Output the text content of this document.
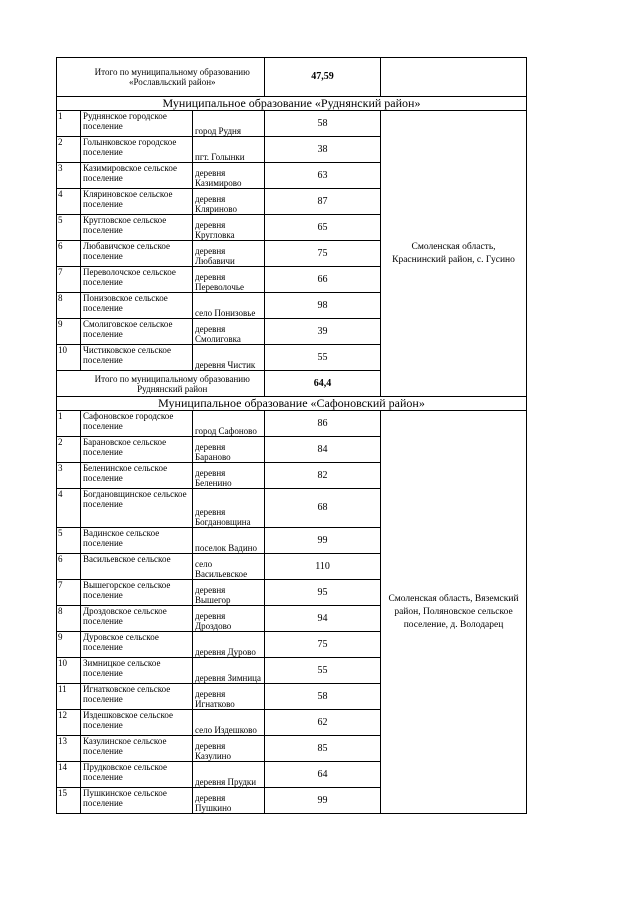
	Итого по муниципальному образованию «Рославльский район»		47,59	
Муниципальное образование «Руднянский район»				
1	Руднянское городское поселение	город Рудня	58	Смоленская область, Краснинский район, с. Гусино
2	Голынковское городское поселение	пгт. Голынки	38	
3	Казимировское сельское поселение	деревня Казимирово	63	
4	Кляриновское сельское поселение	деревня Кляриново	87	
5	Кругловское сельское поселение	деревня Кругловка	65	
6	Любавичское сельское поселение	деревня Любавичи	75	
7	Переволочское сельское поселение	деревня Переволочье	66	
8	Понизовское сельское поселение	село Понизовье	98	
9	Смолиговское сельское поселение	деревня Смолиговка	39	
10	Чистиковское сельское поселение	деревня Чистик	55	
	Итого по муниципальному образованию Руднянский район		64,4	
Муниципальное образование «Сафоновский район»				
1	Сафоновское городское поселение	город Сафоново	86	Смоленская область, Вяземский район, Поляновское сельское поселение, д. Володарец
2	Барановское сельское поселение	деревня Бараново	84	
3	Беленинское сельское поселение	деревня Беленино	82	
4	Богдановщинское сельское поселение	деревня Богдановщина	68	
5	Вадинское сельское поселение	поселок Вадино	99	
6	Васильевское сельское	село Васильевское	110	
7	Вышегорское сельское поселение	деревня Вышегор	95	
8	Дроздовское сельское поселение	деревня Дроздово	94	
9	Дуровское сельское поселение	деревня Дурово	75	
10	Зимницкое сельское поселение	деревня Зимница	55	
11	Игнатковское сельское поселение	деревня Игнатково	58	
12	Издешковское сельское поселение	село Издешково	62	
13	Казулинское сельское поселение	деревня Казулино	85	
14	Прудковское сельское поселение	деревня Прудки	64	
15	Пушкинское сельское поселение	деревня Пушкино	99	
